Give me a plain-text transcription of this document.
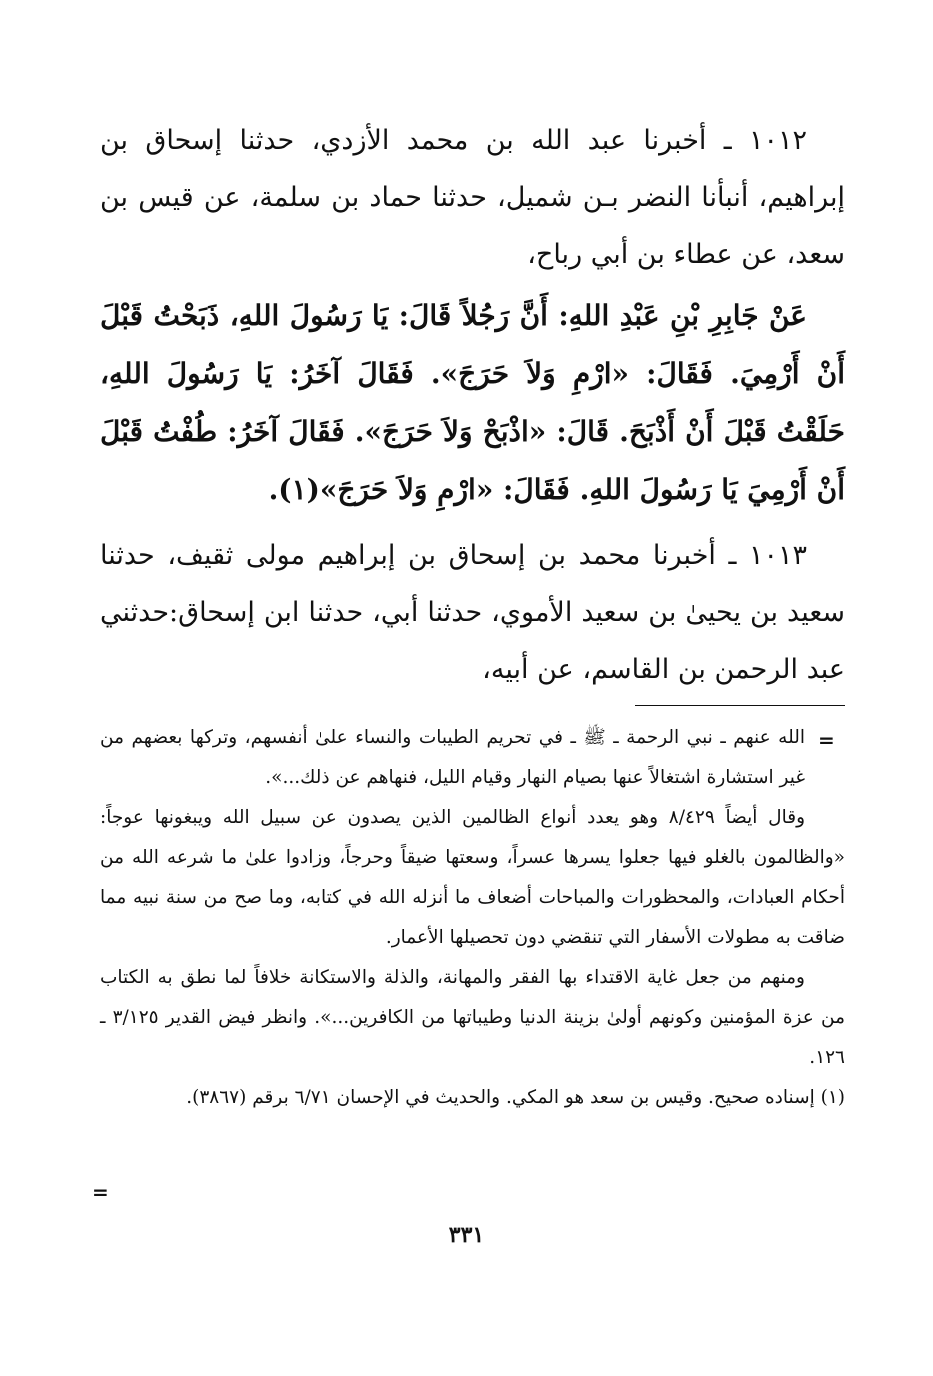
١٠١٢ ـ أخبرنا عبد الله بن محمد الأزدي، حدثنا إسحاق بن إبراهيم، أنبأنا النضر بـن شميل، حدثنا حماد بن سلمة، عن قيس بن سعد، عن عطاء بن أبي رباح،

عَنْ جَابِرِ بْنِ عَبْدِ اللهِ: أَنَّ رَجُلاً قَالَ: يَا رَسُولَ اللهِ، ذَبَحْتُ قَبْلَ أَنْ أَرْمِيَ. فَقَالَ: «ارْمِ وَلاَ حَرَجَ». فَقَالَ آخَرُ: يَا رَسُولَ اللهِ، حَلَقْتُ قَبْلَ أَنْ أَذْبَحَ. قَالَ: «اذْبَحْ وَلاَ حَرَجَ». فَقَالَ آخَرُ: طُفْتُ قَبْلَ أَنْ أَرْمِيَ يَا رَسُولَ اللهِ. فَقَالَ: «ارْمِ وَلاَ حَرَجَ»(١).

١٠١٣ ـ أخبرنا محمد بن إسحاق بن إبراهيم مولى ثقيف، حدثنا سعيد بن يحيىٰ بن سعيد الأموي، حدثنا أبي، حدثنا ابن إسحاق:حدثني عبد الرحمن بن القاسم، عن أبيه،

=

الله عنهم ـ نبي الرحمة ـ ﷺ ـ في تحريم الطيبات والنساء علىٰ أنفسهم، وتركها بعضهم من غير استشارة اشتغالاً عنها بصيام النهار وقيام الليل، فنهاهم عن ذلك...».

وقال أيضاً ٨/٤٢٩ وهو يعدد أنواع الظالمين الذين يصدون عن سبيل الله ويبغونها عوجاً: «والظالمون بالغلو فيها جعلوا يسرها عسراً، وسعتها ضيقاً وحرجاً، وزادوا علىٰ ما شرعه الله من أحكام العبادات، والمحظورات والمباحات أضعاف ما أنزله الله في كتابه، وما صح من سنة نبيه مما ضاقت به مطولات الأسفار التي تنقضي دون تحصيلها الأعمار.

ومنهم من جعل غاية الاقتداء بها الفقر والمهانة، والذلة والاستكانة خلافاً لما نطق به الكتاب من عزة المؤمنين وكونهم أولىٰ بزينة الدنيا وطيباتها من الكافرين...». وانظر فيض القدير ٣/١٢٥ ـ ١٢٦.

(١) إسناده صحيح. وقيس بن سعد هو المكي. والحديث في الإحسان ٦/٧١ برقم (٣٨٦٧).

=
٣٣١
